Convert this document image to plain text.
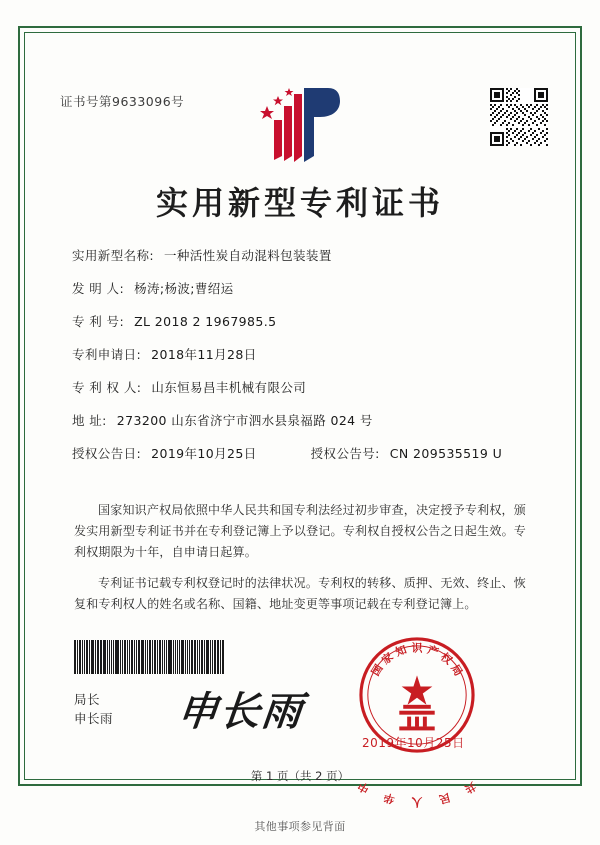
证书号第9633096号
实用新型专利证书
实用新型名称: 一种活性炭自动混料包装装置
发 明 人: 杨涛;杨波;曹绍运
专 利 号: ZL 2018 2 1967985.5
专利申请日: 2018年11月28日
专 利 权 人: 山东恒易昌丰机械有限公司
地 址: 273200 山东省济宁市泗水县泉福路 024 号
授权公告日: 2019年10月25日	授权公告号: CN 209535519 U

国家知识产权局依照中华人民共和国专利法经过初步审查，决定授予专利权，颁发实用新型专利证书并在专利登记簿上予以登记。专利权自授权公告之日起生效。专利权期限为十年，自申请日起算。

专利证书记载专利权登记时的法律状况。专利权的转移、质押、无效、终止、恢复和专利权人的姓名或名称、国籍、地址变更等事项记载在专利登记簿上。

局长
申长雨 申长雨
国
家
知 识 产
权
局
中
华 人 民
共
2019年10月25日
第 1 页（共 2 页）
其他事项参见背面
